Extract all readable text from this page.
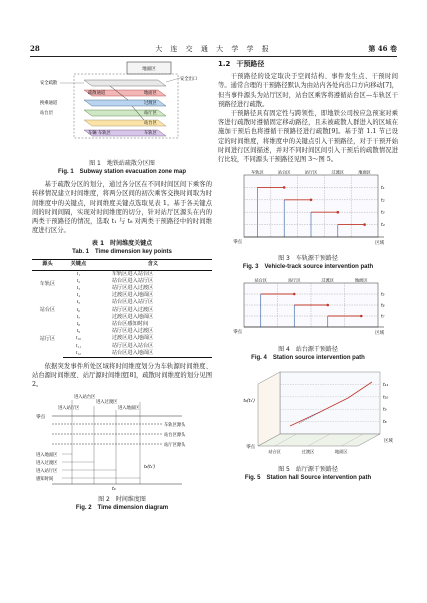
28	大 连 交 通 大 学 学 报	第 46 卷
地面区
安全疏散
疏散通道
换乘通道
站台层
车辆 车轨区
安全出口
地面区
过渡区
站厅区
站台区
车轨区
图 1　地铁站疏散分区图
Fig. 1　Subway station evacuation zone map

基于疏散分区的划分，通过各分区在不同时间区间下乘客的转移情况建立时间维度，将两分区间的初次乘客交换时间取为时间维度中的关键点，时间维度关键点选取见表 1。基于各关键点间的时间间隔，实现对时间维度的切分，针对站厅区源头在内的两类干预路径的情况，选取 t₁ 与 t₈ 对两类干预路径中的时间维度进行区分。

表 1　时间维度关键点
Tab. 1　Time dimension key points
源头	关键点	含义
车轨区	t₁	车轨区进入站台区
	t₂	站台区进入站厅区
	t₃	站厅区进入过渡区
	t₄	过渡区进入地面区
站台区	t₅	站台区进入站厅区
	t₆	站厅区进入过渡区
	t₇	过渡区进入地面区
站厅区	t₈	站台区感知时间
	t₉	站厅区进入过渡区
	t₁₀	过渡区进入地面区
	t₁₁	站厅区进入站台区
	t₁₂	站台区进入地面区

依据突发事件所处区域将时间维度划分为车轨源时间维度、站台源时间维度、站厅源时间维度[8]，疏散时间维度的划分见图 2。

零点
t₀
进入站台区
进入过渡区
进入站厅区	进入地面区
车轨区源头
站台区源头
站厅区源头
进入地面区
进入过渡区
进入站厅区
感知时间
t₈(t₁')
图 2　时间维度图
Fig. 2　Time dimension diagram
1.2 干预路径

干预路径的设定取决于空间结构、事件发生点、干预时间等。通常合理的干预路径默认为由站内各处向出口方向移动[7]，但当事件源头为站厅区时，站台区乘客将遵循站台区—车轨区干预路径进行疏散。

干预路径具有固定性与跨领性，即地铁公司按应急预案对乘客进行疏散时遵循固定移动路径，且未被疏散人群进入的区域在施加干预后也将遵循干预路径进行疏散[9]。基于第 1.1 节已设定的时间维度，将维度中的关键点引入干预路径，对于干预开始时间进行区间描述，并对不同时间区间引入干预后的疏散情况进行比较，不同源头干预路径见图 3～图 5。

车轨区	站台区	站厅区	过渡区	地面区
t₁
t₂
t₃
t₄
零点	区域
图 3　车轨源干预路径
Fig. 3　Vehicle-track source intervention path
站台区	站厅区	过渡区	地面区
t₅
t₆
t₇
零点	区域
图 4　站台源干预路径
Fig. 4　Station source intervention path
t₈
t₉
t₁₀
t₁₁
站台区	过渡区	地面区
t₈(t₁')
零点
区域
图 5　站厅源干预路径
Fig. 5　Station hall Source intervention path
